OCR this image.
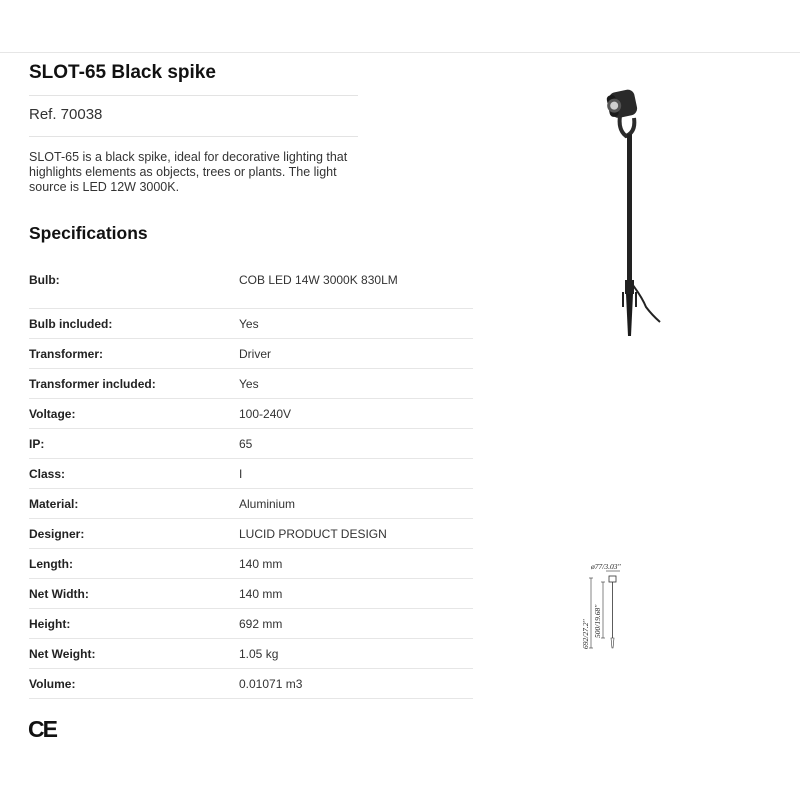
SLOT-65 Black spike
Ref. 70038
SLOT-65 is a black spike, ideal for decorative lighting that highlights elements as objects, trees or plants. The light source is LED 12W 3000K.
Specifications
Bulb:	COB LED 14W 3000K 830LM
Bulb included:	Yes
Transformer:	Driver
Transformer included:	Yes
Voltage:	100-240V
IP:	65
Class:	I
Material:	Aluminium
Designer:	LUCID PRODUCT DESIGN
Length:	140 mm
Net Width:	140 mm
Height:	692 mm
Net Weight:	1.05 kg
Volume:	0.01071 m3
CE
ø77/3.03"
692/27.2" 500/19.68"
